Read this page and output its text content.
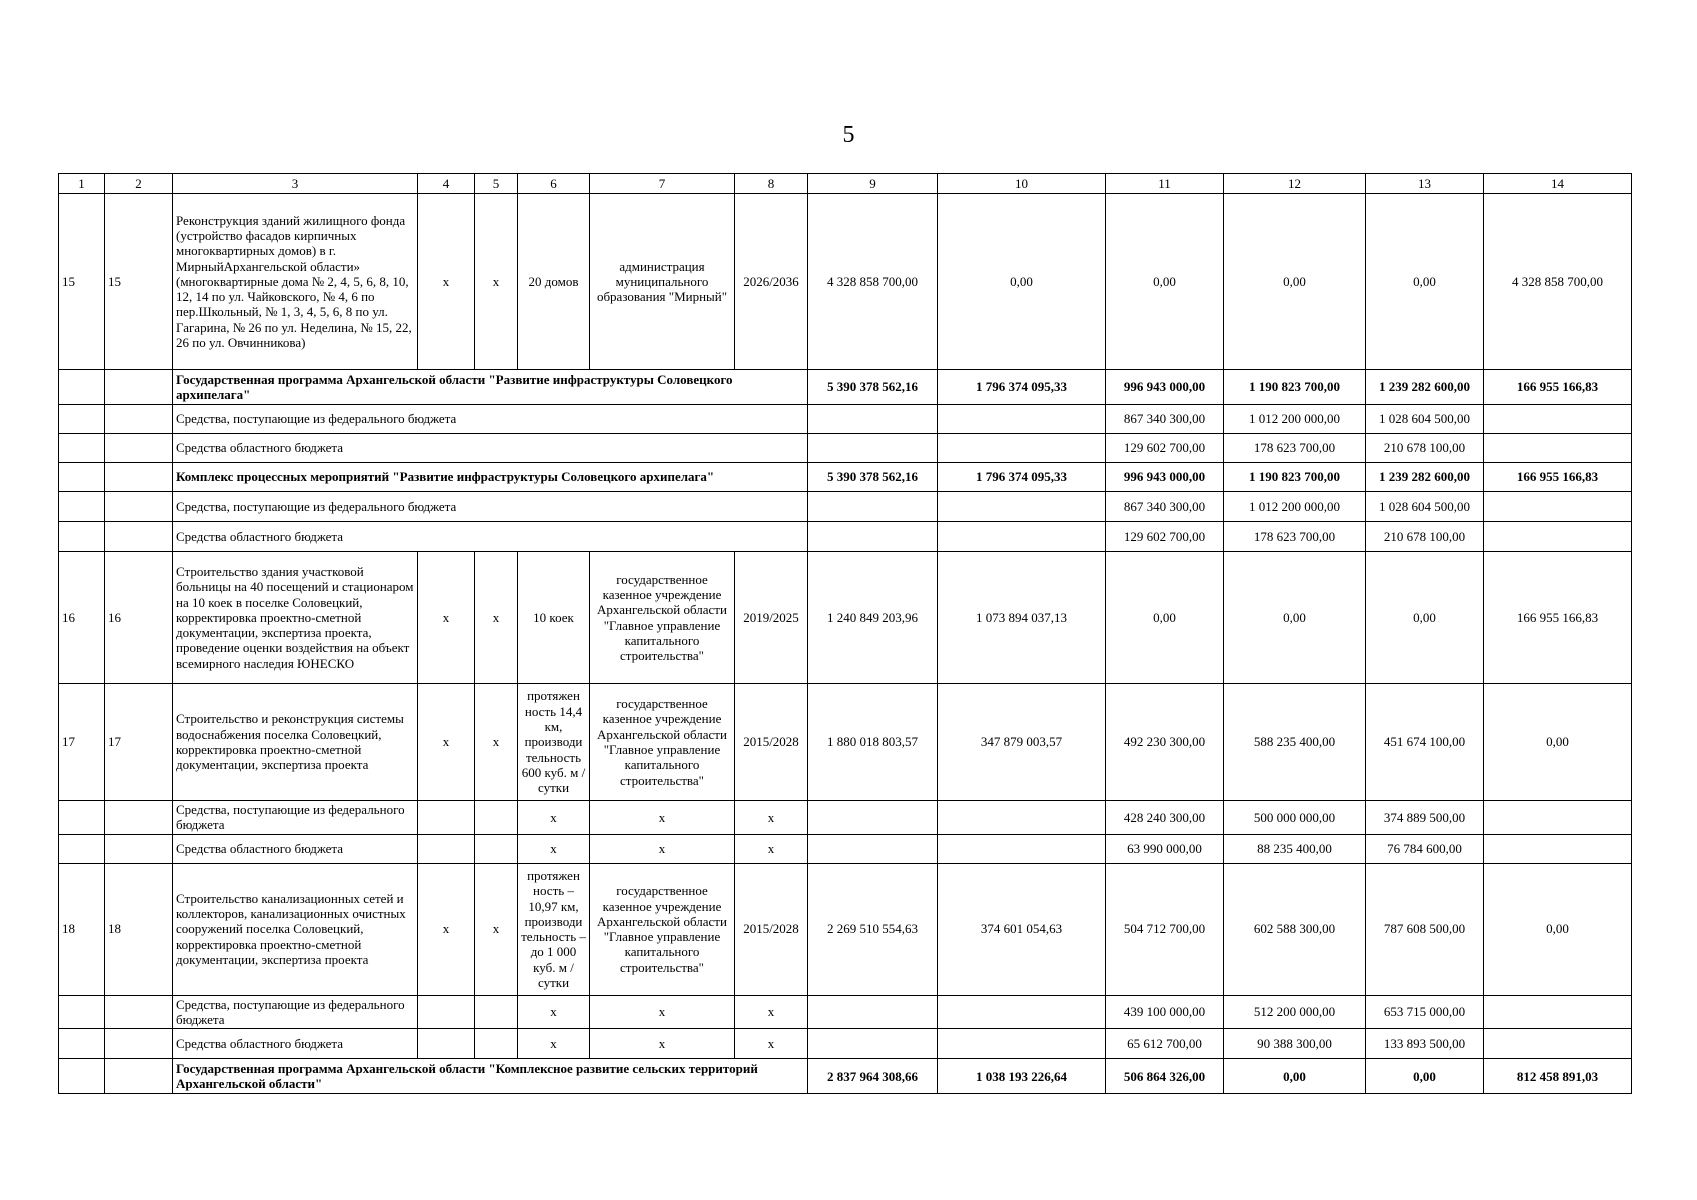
5
1	2	3	4	5	6	7	8	9	10	11	12	13	14
15	15	Реконструкция зданий жилищного фонда (устройство фасадов кирпичных многоквартирных домов) в г. МирныйАрхангельской области» (многоквартирные дома № 2, 4, 5, 6, 8, 10, 12, 14 по ул. Чайковского, № 4, 6 по пер.Школьный, № 1, 3, 4, 5, 6, 8 по ул. Гагарина, № 26 по ул. Неделина, № 15, 22, 26 по ул. Овчинникова)	x	x	20 домов	администрация муниципального образования "Мирный"	2026/2036	4 328 858 700,00	0,00	0,00	0,00	0,00	4 328 858 700,00
		Государственная программа Архангельской области "Развитие инфраструктуры Соловецкого архипелага"						5 390 378 562,16	1 796 374 095,33	996 943 000,00	1 190 823 700,00	1 239 282 600,00	166 955 166,83
		Средства, поступающие из федерального бюджета								867 340 300,00	1 012 200 000,00	1 028 604 500,00	
		Средства областного бюджета								129 602 700,00	178 623 700,00	210 678 100,00	
		Комплекс процессных мероприятий "Развитие инфраструктуры Соловецкого архипелага"						5 390 378 562,16	1 796 374 095,33	996 943 000,00	1 190 823 700,00	1 239 282 600,00	166 955 166,83
		Средства, поступающие из федерального бюджета								867 340 300,00	1 012 200 000,00	1 028 604 500,00	
		Средства областного бюджета								129 602 700,00	178 623 700,00	210 678 100,00	
16	16	Строительство здания участковой больницы на 40 посещений и стационаром на 10 коек в поселке Соловецкий, корректировка проектно-сметной документации, экспертиза проекта, проведение оценки воздействия на объект всемирного наследия ЮНЕСКО	x	x	10 коек	государственное казенное учреждение Архангельской области "Главное управление капитального строительства"	2019/2025	1 240 849 203,96	1 073 894 037,13	0,00	0,00	0,00	166 955 166,83
17	17	Строительство и реконструкция системы водоснабжения поселка Соловецкий, корректировка проектно-сметной документации, экспертиза проекта	x	x	протяжен ность 14,4 км, производи тельность 600 куб. м / сутки	государственное казенное учреждение Архангельской области "Главное управление капитального строительства"	2015/2028	1 880 018 803,57	347 879 003,57	492 230 300,00	588 235 400,00	451 674 100,00	0,00
		Средства, поступающие из федерального бюджета			x	x	x			428 240 300,00	500 000 000,00	374 889 500,00	
		Средства областного бюджета			x	x	x			63 990 000,00	88 235 400,00	76 784 600,00	
18	18	Строительство канализационных сетей и коллекторов, канализационных очистных сооружений поселка Соловецкий, корректировка проектно-сметной документации, экспертиза проекта	x	x	протяжен ность – 10,97 км, производи тельность – до 1 000 куб. м / сутки	государственное казенное учреждение Архангельской области "Главное управление капитального строительства"	2015/2028	2 269 510 554,63	374 601 054,63	504 712 700,00	602 588 300,00	787 608 500,00	0,00
		Средства, поступающие из федерального бюджета			x	x	x			439 100 000,00	512 200 000,00	653 715 000,00	
		Средства областного бюджета			x	x	x			65 612 700,00	90 388 300,00	133 893 500,00	
		Государственная программа Архангельской области "Комплексное развитие сельских территорий Архангельской области"						2 837 964 308,66	1 038 193 226,64	506 864 326,00	0,00	0,00	812 458 891,03
